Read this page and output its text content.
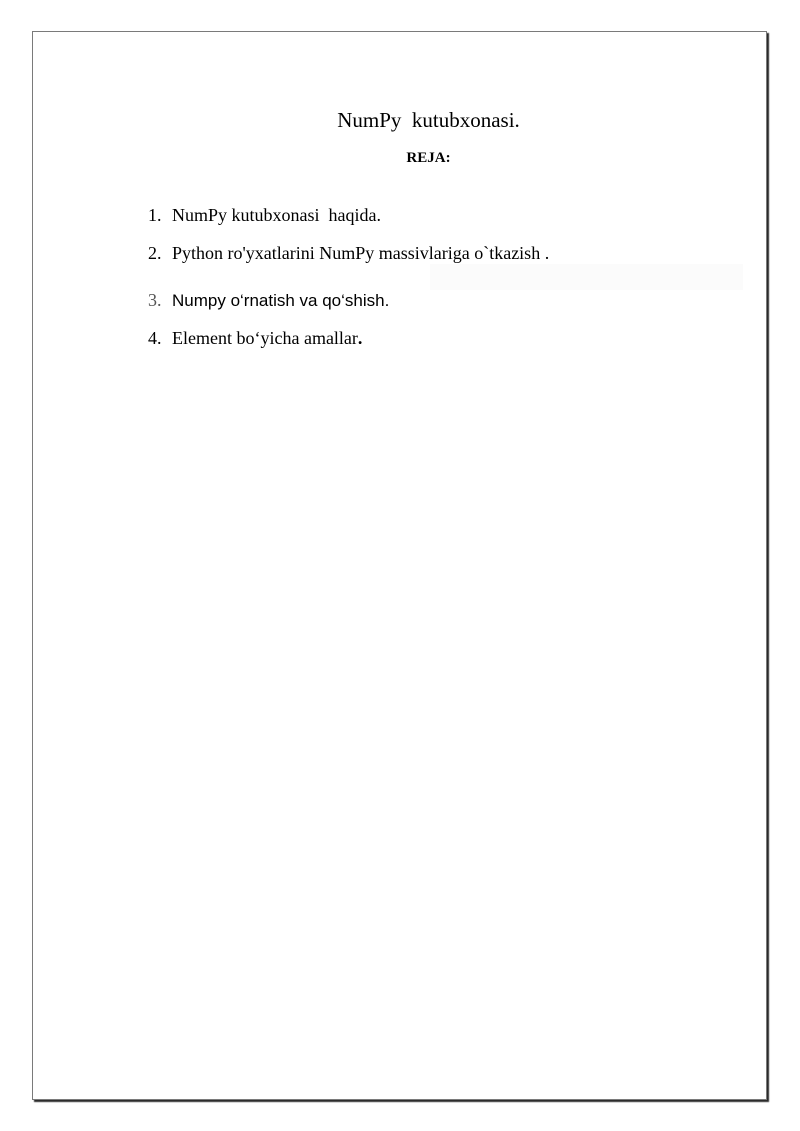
NumPy  kutubxonasi.
REJA:

1. NumPy kutubxonasi  haqida.

2. Python ro'yxatlarini NumPy massivlariga o`tkazish .

3. Numpy o‘rnatish va qo‘shish.

4. Element bo‘yicha amallar.
